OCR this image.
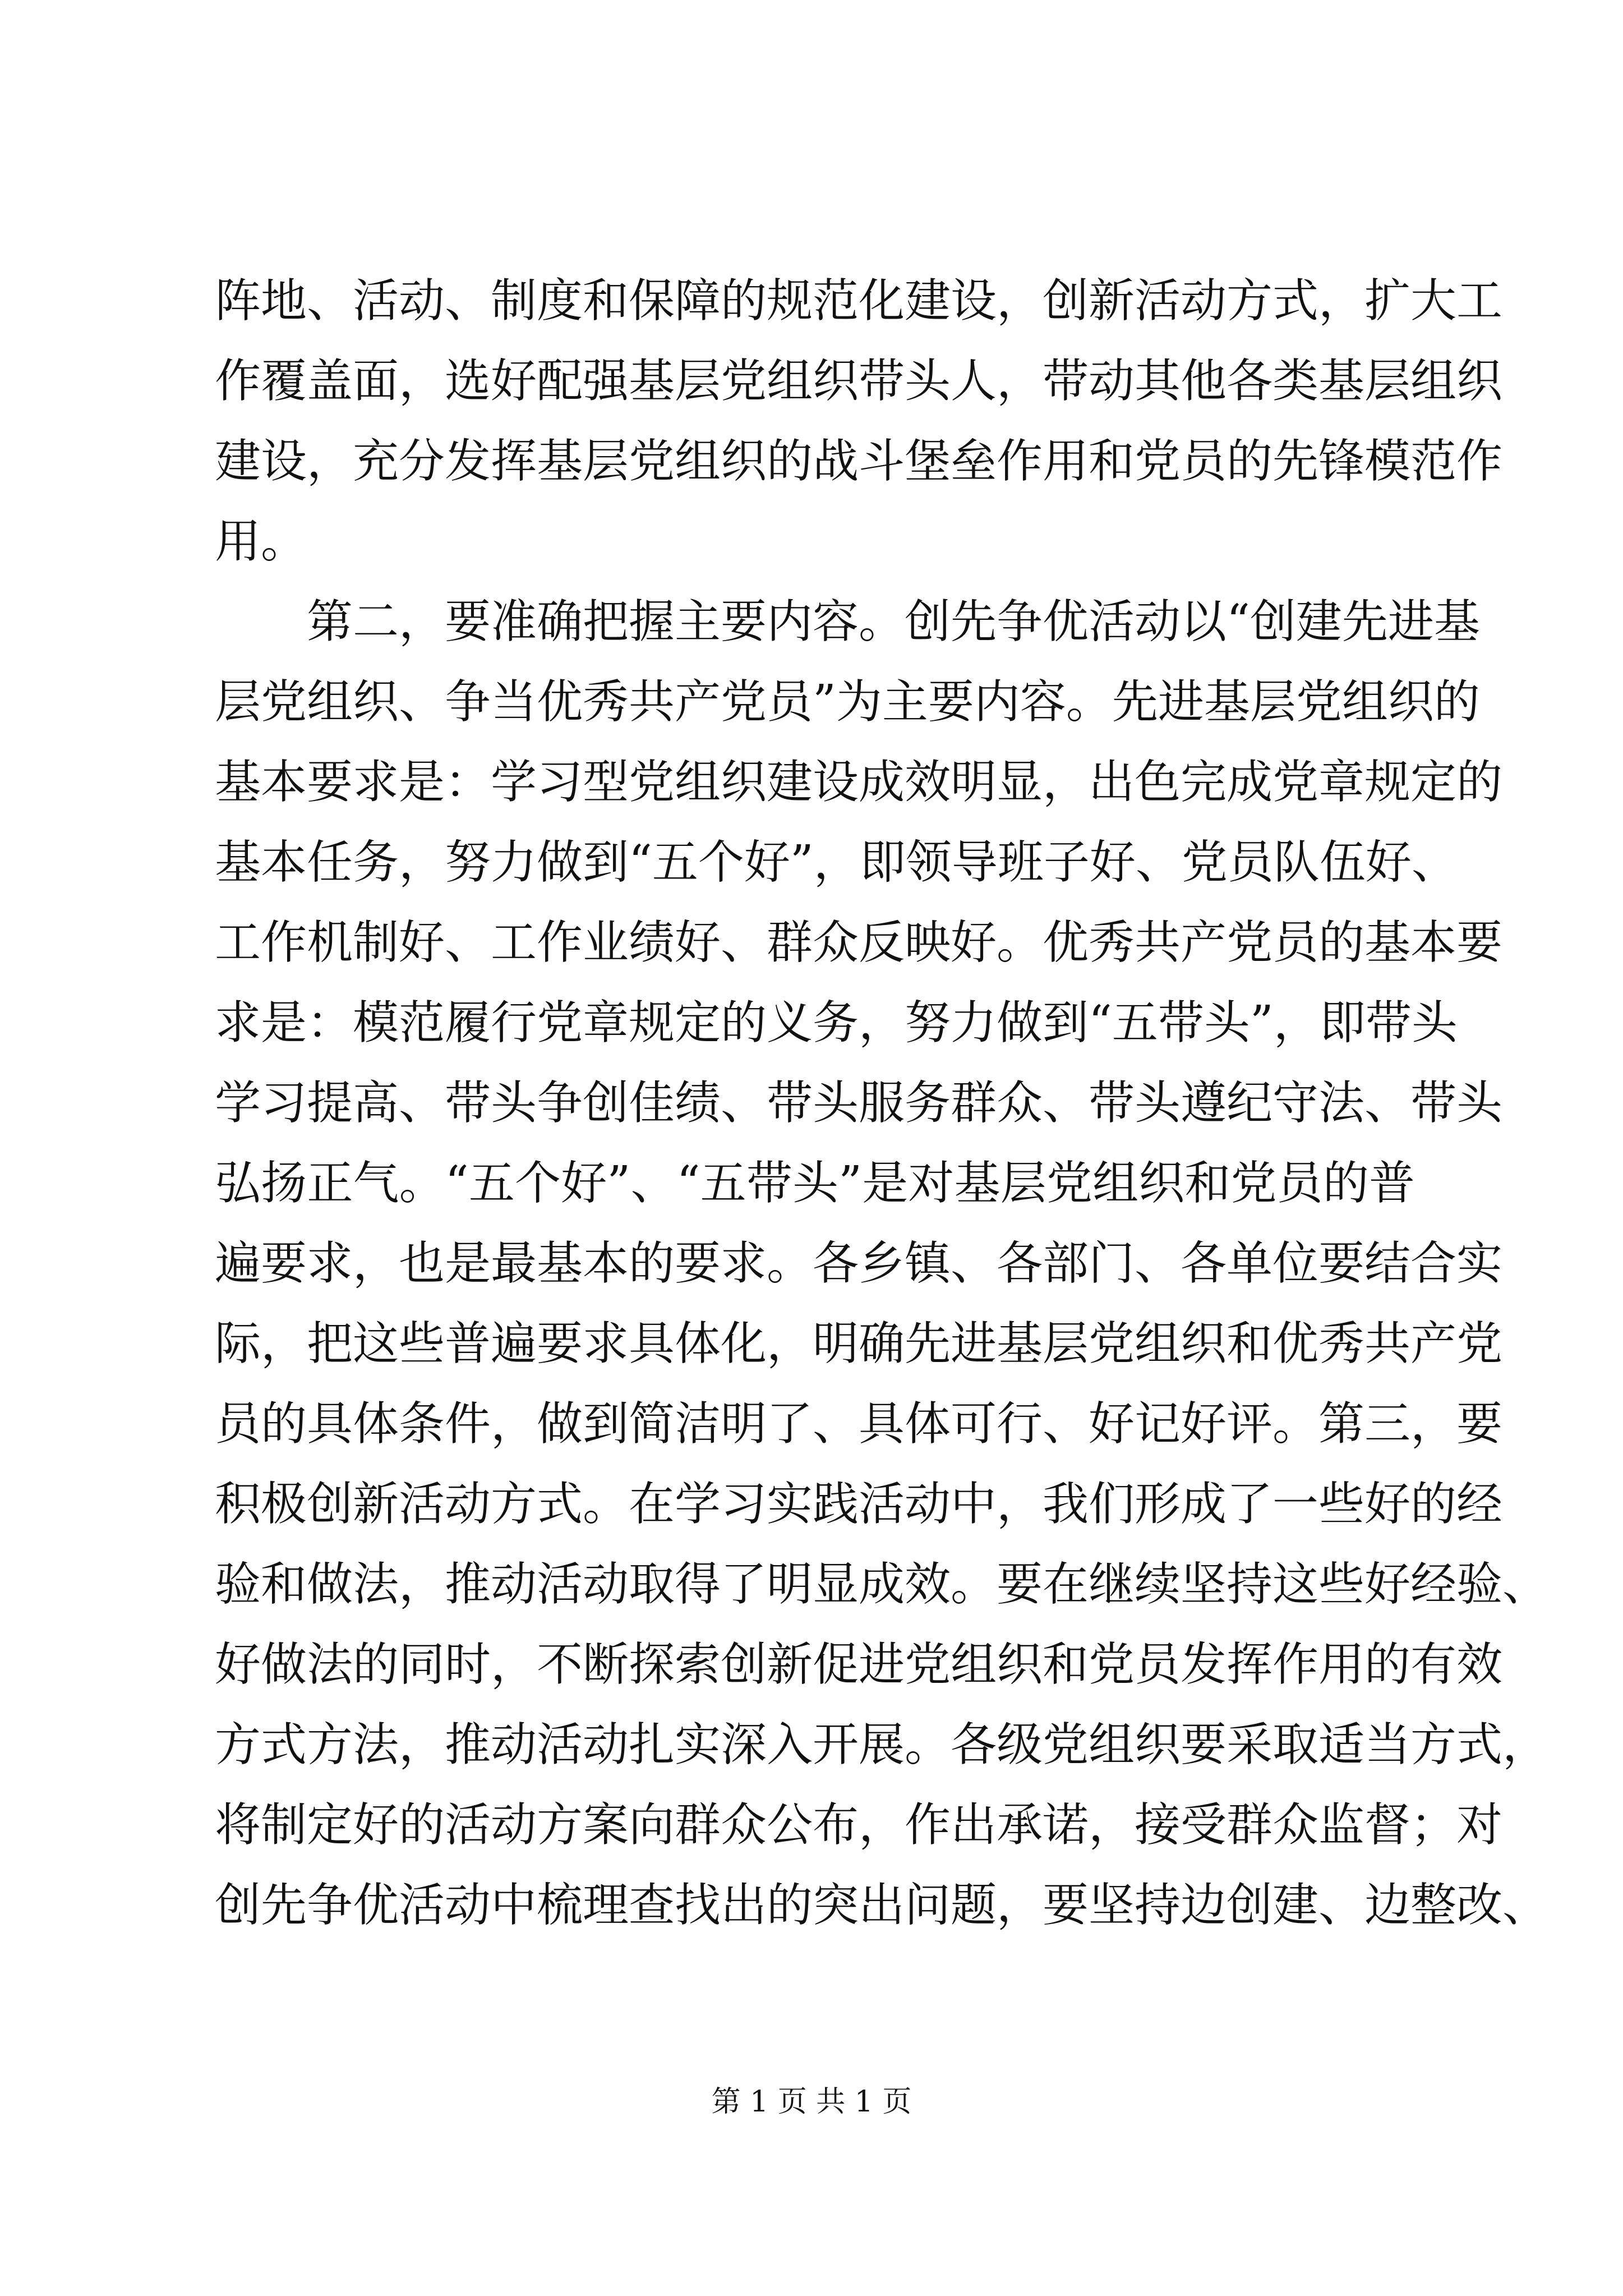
阵地、活动、制度和保障的规范化建设，创新活动方式，扩大工
作覆盖面，选好配强基层党组织带头人，带动其他各类基层组织
建设，充分发挥基层党组织的战斗堡垒作用和党员的先锋模范作
用。
第二，要准确把握主要内容。创先争优活动以“创建先进基
层党组织、争当优秀共产党员”为主要内容。先进基层党组织的
基本要求是：学习型党组织建设成效明显，出色完成党章规定的
基本任务，努力做到“五个好”，即领导班子好、党员队伍好、
工作机制好、工作业绩好、群众反映好。优秀共产党员的基本要
求是：模范履行党章规定的义务，努力做到“五带头”，即带头
学习提高、带头争创佳绩、带头服务群众、带头遵纪守法、带头
弘扬正气。“五个好”、“五带头”是对基层党组织和党员的普
遍要求，也是最基本的要求。各乡镇、各部门、各单位要结合实
际，把这些普遍要求具体化，明确先进基层党组织和优秀共产党
员的具体条件，做到简洁明了、具体可行、好记好评。第三，要
积极创新活动方式。在学习实践活动中，我们形成了一些好的经
验和做法，推动活动取得了明显成效。要在继续坚持这些好经验、
好做法的同时，不断探索创新促进党组织和党员发挥作用的有效
方式方法，推动活动扎实深入开展。各级党组织要采取适当方式，
将制定好的活动方案向群众公布，作出承诺，接受群众监督；对
创先争优活动中梳理查找出的突出问题，要坚持边创建、边整改、
第 1 页 共 1 页
